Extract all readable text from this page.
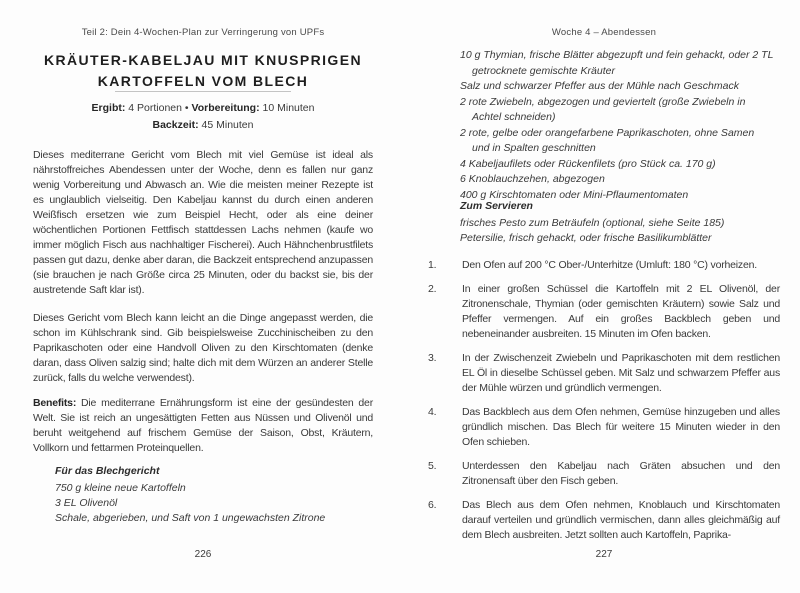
Teil 2: Dein 4-Wochen-Plan zur Verringerung von UPFs
KRÄUTER-KABELJAU MIT KNUSPRIGEN
KARTOFFELN VOM BLECH
Ergibt: 4 Portionen • Vorbereitung: 10 Minuten
Backzeit: 45 Minuten

Dieses mediterrane Gericht vom Blech mit viel Gemüse ist ideal als nährstoffreiches Abendessen unter der Woche, denn es fallen nur ganz wenig Vorbereitung und Abwasch an. Wie die meisten meiner Rezepte ist es unglaublich vielseitig. Den Kabeljau kannst du durch einen anderen Weißfisch ersetzen wie zum Beispiel Hecht, oder als eine deiner wöchentlichen Portionen Fettfisch stattdessen Lachs nehmen (kaufe wo immer möglich Fisch aus nachhaltiger Fischerei). Auch Hähnchenbrustfilets passen gut dazu, denke aber daran, die Backzeit entsprechend anzupassen (sie brauchen je nach Größe circa 25 Minuten, oder du backst sie, bis der austretende Saft klar ist).

Dieses Gericht vom Blech kann leicht an die Dinge angepasst werden, die schon im Kühlschrank sind. Gib beispielsweise Zucchinischeiben zu den Paprikaschoten oder eine Handvoll Oliven zu den Kirschtomaten (denke daran, dass Oliven salzig sind; halte dich mit dem Würzen an anderer Stelle zurück, falls du welche verwendest).

Benefits: Die mediterrane Ernährungsform ist eine der gesündesten der Welt. Sie ist reich an ungesättigten Fetten aus Nüssen und Olivenöl und beruht weitgehend auf frischem Gemüse der Saison, Obst, Kräutern, Vollkorn und fettarmen Proteinquellen.

Für das Blechgericht
750 g kleine neue Kartoffeln
3 EL Olivenöl
Schale, abgerieben, und Saft von 1 ungewachsten Zitrone
226
Woche 4 – Abendessen
10 g Thymian, frische Blätter abgezupft und fein gehackt, oder 2 TL getrocknete gemischte Kräuter
Salz und schwarzer Pfeffer aus der Mühle nach Geschmack
2 rote Zwiebeln, abgezogen und geviertelt (große Zwiebeln in Achtel schneiden)
2 rote, gelbe oder orangefarbene Paprikaschoten, ohne Samen und in Spalten geschnitten
4 Kabeljaufilets oder Rückenfilets (pro Stück ca. 170 g)
6 Knoblauchzehen, abgezogen
400 g Kirschtomaten oder Mini-Pflaumentomaten
Zum Servieren
frisches Pesto zum Beträufeln (optional, siehe Seite 185)
Petersilie, frisch gehackt, oder frische Basilikumblätter
1.	Den Ofen auf 200 °C Ober-/Unterhitze (Umluft: 180 °C) vorheizen.
2.	In einer großen Schüssel die Kartoffeln mit 2 EL Olivenöl, der Zitronenschale, Thymian (oder gemischten Kräutern) sowie Salz und Pfeffer vermengen. Auf ein großes Backblech geben und nebeneinander ausbreiten. 15 Minuten im Ofen backen.
3.	In der Zwischenzeit Zwiebeln und Paprikaschoten mit dem restlichen EL Öl in dieselbe Schüssel geben. Mit Salz und schwarzem Pfeffer aus der Mühle würzen und gründlich vermengen.
4.	Das Backblech aus dem Ofen nehmen, Gemüse hinzugeben und alles gründlich mischen. Das Blech für weitere 15 Minuten wieder in den Ofen schieben.
5.	Unterdessen den Kabeljau nach Gräten absuchen und den Zitronensaft über den Fisch geben.
6.	Das Blech aus dem Ofen nehmen, Knoblauch und Kirschtomaten darauf verteilen und gründlich vermischen, dann alles gleichmäßig auf dem Blech ausbreiten. Jetzt sollten auch Kartoffeln, Paprika-
227
